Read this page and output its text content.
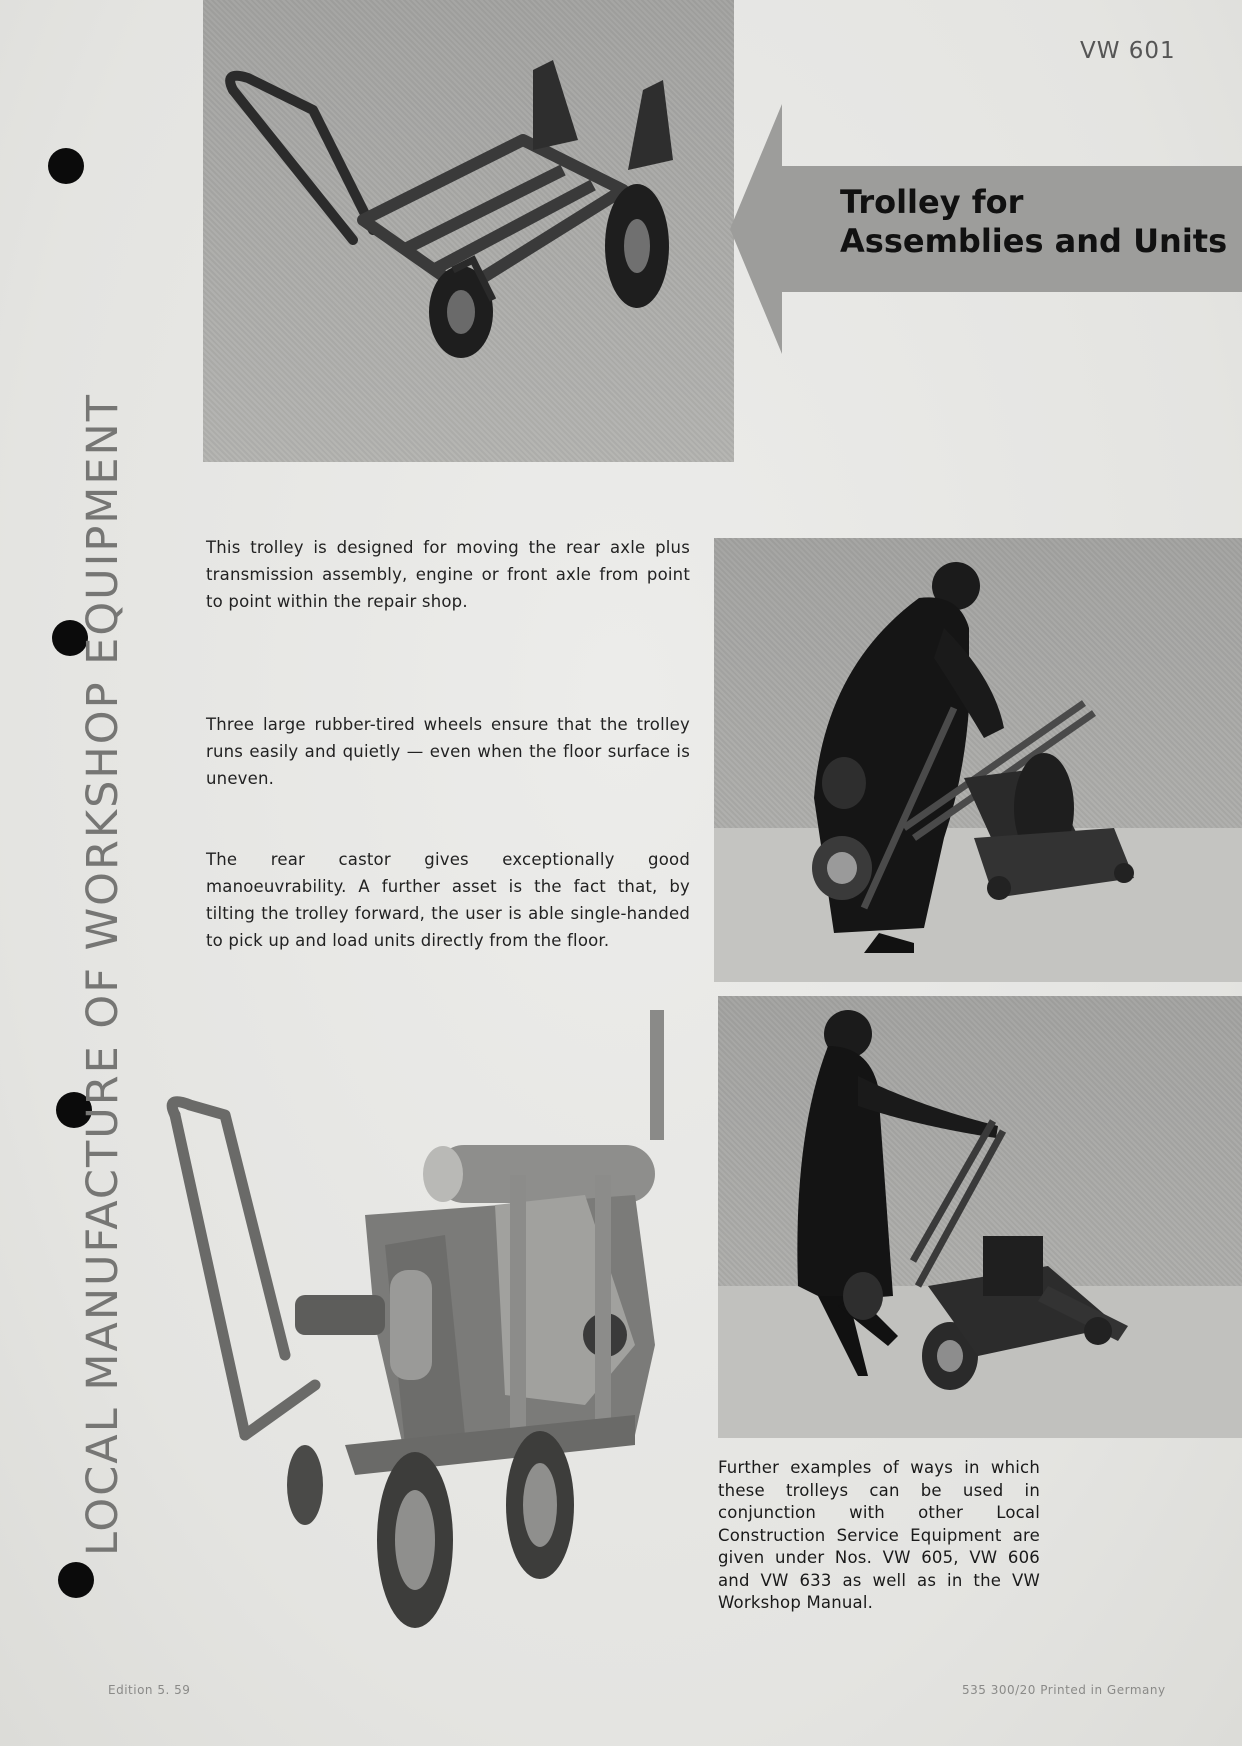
LOCAL MANUFACTURE OF WORKSHOP EQUIPMENT
VW 601
Trolley for
Assemblies and Units
This trolley is designed for moving the rear axle plus transmission assembly, engine or front axle from point to point within the repair shop.
Three large rubber-tired wheels ensure that the trolley runs easily and quietly — even when the floor surface is uneven.
The rear castor gives exceptionally good manoeuvrability. A further asset is the fact that, by tilting the trolley forward, the user is able single-handed to pick up and load units directly from the floor.
Further examples of ways in which these trolleys can be used in conjunction with other Local Construction Service Equipment are given under Nos. VW 605, VW 606 and VW 633 as well as in the VW Workshop Manual.
Edition 5. 59	535 300/20 Printed in Germany
